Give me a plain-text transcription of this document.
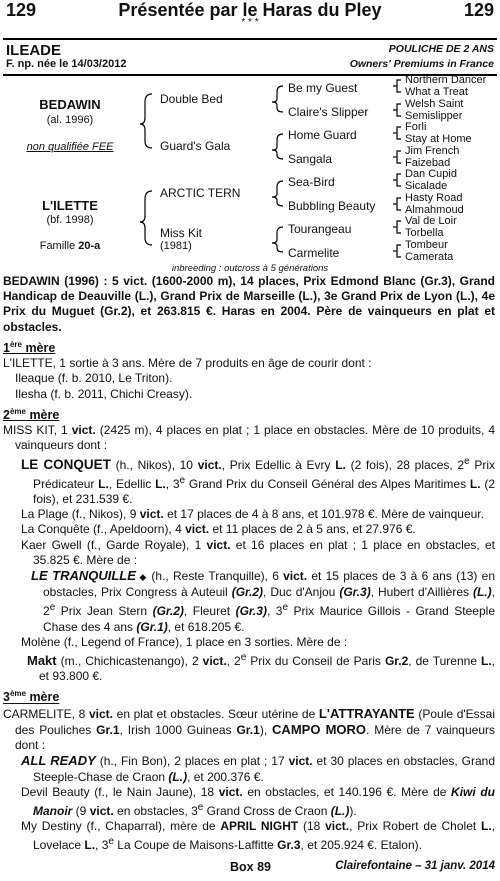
129	Présentée par le Haras du Pley	129
* * *
ILEADE
F. np. née le 14/03/2012
POULICHE DE 2 ANS
Owners' Premiums in France
BEDAWIN
(al. 1996)
non qualifiée FEE
L'ILETTE
(bf. 1998)
Famille 20-a
Double Bed
Guard's Gala
ARCTIC TERN
Miss Kit
(1981)
Be my Guest
Claire's Slipper
Home Guard
Sangala
Sea-Bird
Bubbling Beauty
Tourangeau
Carmelite
Northern Dancer
What a Treat
Welsh Saint
Semislipper
Forli
Stay at Home
Jim French
Faizebad
Dan Cupid
Sicalade
Hasty Road
Almahmoud
Val de Loir
Torbella
Tombeur
Camerata
inbreeding : outcross à 5 générations

BEDAWIN (1996) : 5 vict. (1600-2000 m), 14 places, Prix Edmond Blanc (Gr.3), Grand Handicap de Deauville (L.), Grand Prix de Marseille (L.), 3e Grand Prix de Lyon (L.), 4e Prix du Muguet (Gr.2), et 263.815 €. Haras en 2004. Père de vainqueurs en plat et obstacles.

1ère mère

L'ILETTE, 1 sortie à 3 ans. Mère de 7 produits en âge de courir dont :

Ileaque (f. b. 2010, Le Triton).

Ilesha (f. b. 2011, Chichi Creasy).

2ème mère

MISS KIT, 1 vict. (2425 m), 4 places en plat ; 1 place en obstacles. Mère de 10 produits, 4 vainqueurs dont :

LE CONQUET (h., Nikos), 10 vict., Prix Edellic à Evry L. (2 fois), 28 places, 2e Prix Prédicateur L., Edellic L., 3e Grand Prix du Conseil Général des Alpes Maritimes L. (2 fois), et 231.539 €.

La Plage (f., Nikos), 9 vict. et 17 places de 4 à 8 ans, et 101.978 €. Mère de vainqueur.

La Conquête (f., Apeldoorn), 4 vict. et 11 places de 2 à 5 ans, et 27.976 €.

Kaer Gwell (f., Garde Royale), 1 vict. et 16 places en plat ; 1 place en obstacles, et 35.825 €. Mère de :

LE TRANQUILLE ◆ (h., Reste Tranquille), 6 vict. et 15 places de 3 à 6 ans (13) en obstacles, Prix Congress à Auteuil (Gr.2), Duc d'Anjou (Gr.3), Hubert d'Aillières (L.), 2e Prix Jean Stern (Gr.2), Fleuret (Gr.3), 3e Prix Maurice Gillois - Grand Steeple Chase des 4 ans (Gr.1), et 618.205 €.

Molène (f., Legend of France), 1 place en 3 sorties. Mère de :

Makt (m., Chichicastenango), 2 vict., 2e Prix du Conseil de Paris Gr.2, de Turenne L., et 93.800 €.

3ème mère

CARMELITE, 8 vict. en plat et obstacles. Sœur utérine de L'ATTRAYANTE (Poule d'Essai des Pouliches Gr.1, Irish 1000 Guineas Gr.1), CAMPO MORO. Mère de 7 vainqueurs dont :

ALL READY (h., Fin Bon), 2 places en plat ; 17 vict. et 30 places en obstacles, Grand Steeple-Chase de Craon (L.), et 200.376 €.

Devil Beauty (f., le Nain Jaune), 18 vict. en obstacles, et 140.196 €. Mère de Kiwi du Manoir (9 vict. en obstacles, 3e Grand Cross de Craon (L.)).

My Destiny (f., Chaparral), mère de APRIL NIGHT (18 vict., Prix Robert de Cholet L., Lovelace L., 3e La Coupe de Maisons-Laffitte Gr.3, et 205.924 €. Etalon).

Box 89	Clairefontaine – 31 janv. 2014
